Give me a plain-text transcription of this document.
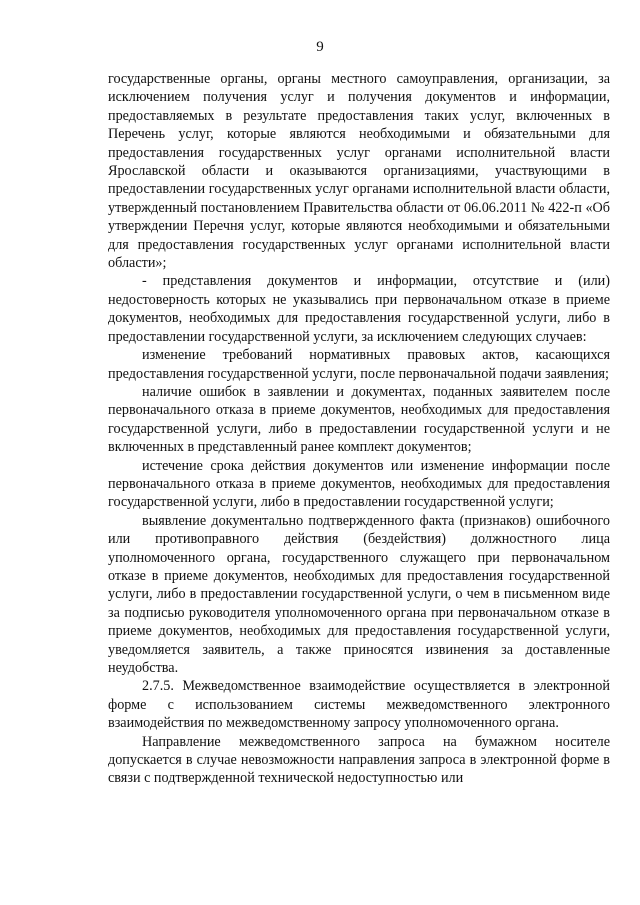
9

государственные органы, органы местного самоуправления, организации, за исключением получения услуг и получения документов и информации, предоставляемых в результате предоставления таких услуг, включенных в Перечень услуг, которые являются необходимыми и обязательными для предоставления государственных услуг органами исполнительной власти Ярославской области и оказываются организациями, участвующими в предоставлении государственных услуг органами исполнительной власти области, утвержденный постановлением Правительства области от 06.06.2011 № 422-п «Об утверждении Перечня услуг, которые являются необходимыми и обязательными для предоставления государственных услуг органами исполнительной власти области»;

- представления документов и информации, отсутствие и (или) недостоверность которых не указывались при первоначальном отказе в приеме документов, необходимых для предоставления государственной услуги, либо в предоставлении государственной услуги, за исключением следующих случаев:

изменение требований нормативных правовых актов, касающихся предоставления государственной услуги, после первоначальной подачи заявления;

наличие ошибок в заявлении и документах, поданных заявителем после первоначального отказа в приеме документов, необходимых для предоставления государственной услуги, либо в предоставлении государственной услуги и не включенных в представленный ранее комплект документов;

истечение срока действия документов или изменение информации после первоначального отказа в приеме документов, необходимых для предоставления государственной услуги, либо в предоставлении государственной услуги;

выявление документально подтвержденного факта (признаков) ошибочного или противоправного действия (бездействия) должностного лица уполномоченного органа, государственного служащего при первоначальном отказе в приеме документов, необходимых для предоставления государственной услуги, либо в предоставлении государственной услуги, о чем в письменном виде за подписью руководителя уполномоченного органа при первоначальном отказе в приеме документов, необходимых для предоставления государственной услуги, уведомляется заявитель, а также приносятся извинения за доставленные неудобства.

2.7.5. Межведомственное взаимодействие осуществляется в электронной форме с использованием системы межведомственного электронного взаимодействия по межведомственному запросу уполномоченного органа.

Направление межведомственного запроса на бумажном носителе допускается в случае невозможности направления запроса в электронной форме в связи с подтвержденной технической недоступностью или
